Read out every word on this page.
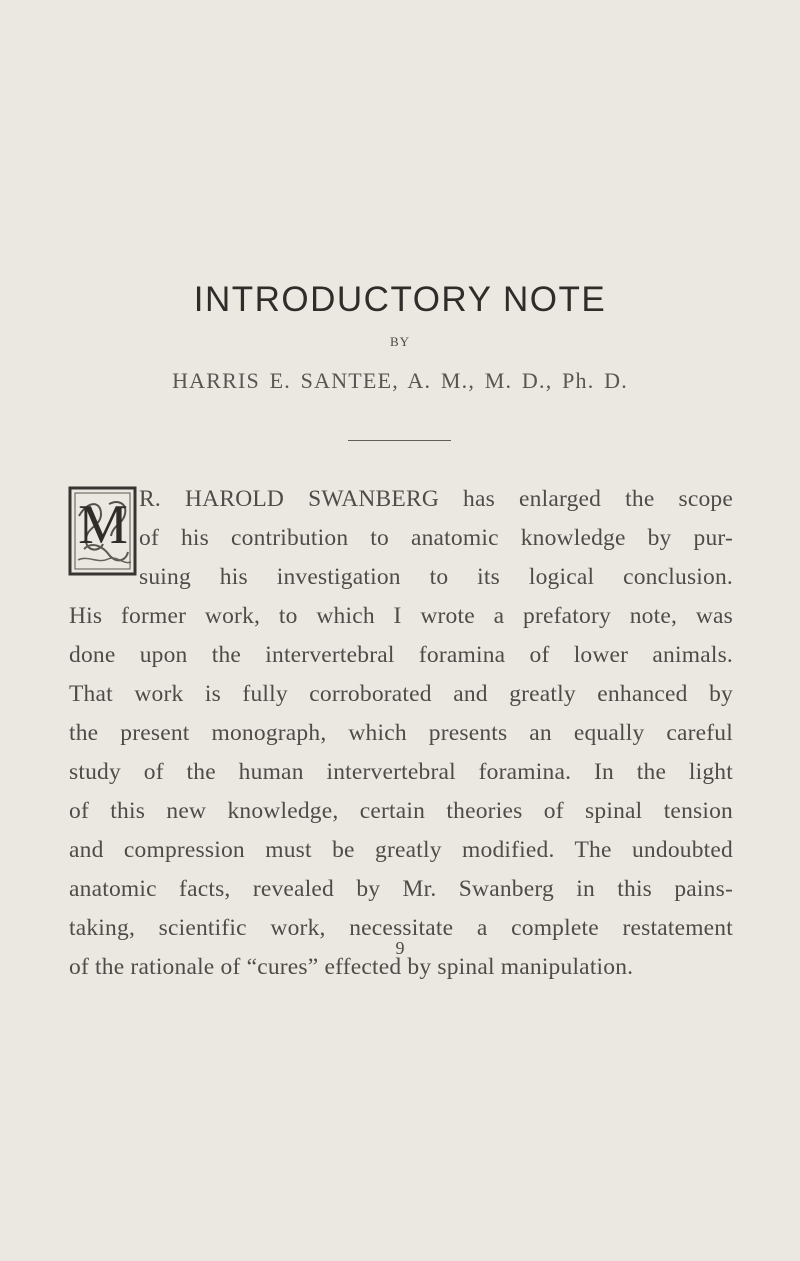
INTRODUCTORY NOTE
BY
HARRIS E. SANTEE, A. M., M. D., Ph. D.
M R. HAROLD SWANBERG has enlarged the scope
of his contribution to anatomic knowledge by pur-
suing his investigation to its logical conclusion.
His former work, to which I wrote a prefatory note, was
done upon the intervertebral foramina of lower animals.
That work is fully corroborated and greatly enhanced by
the present monograph, which presents an equally careful
study of the human intervertebral foramina. In the light
of this new knowledge, certain theories of spinal tension
and compression must be greatly modified. The undoubted
anatomic facts, revealed by Mr. Swanberg in this pains-
taking, scientific work, necessitate a complete restatement
of the rationale of “cures” effected by spinal manipulation.
9
